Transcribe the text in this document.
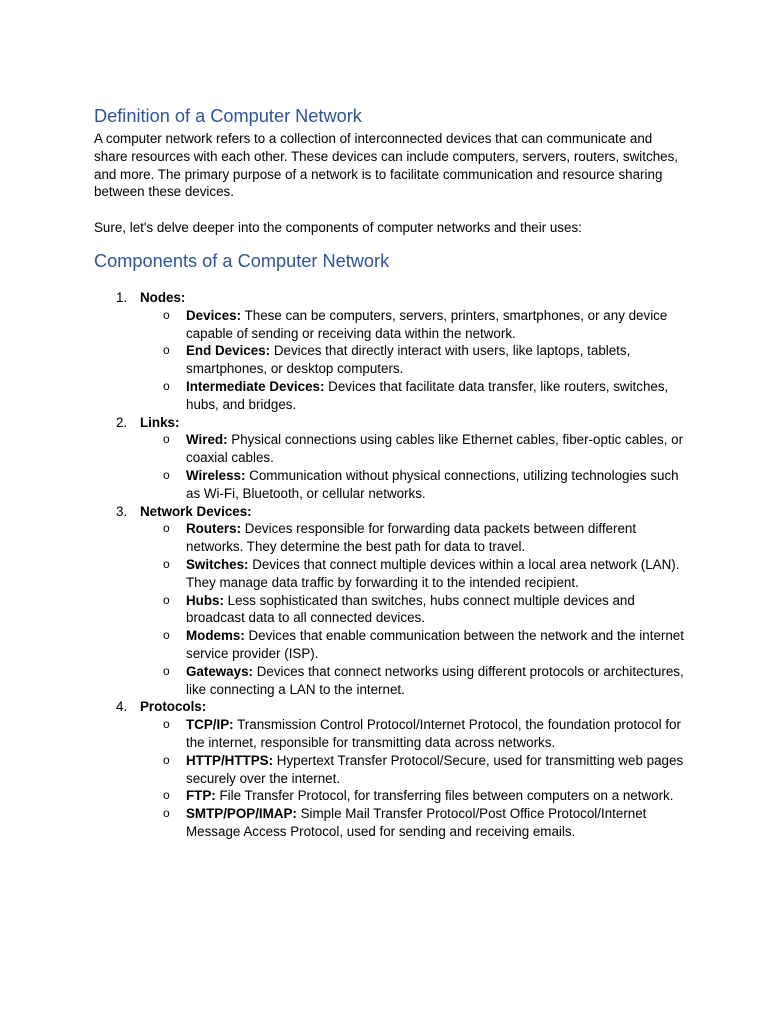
Definition of a Computer Network

A computer network refers to a collection of interconnected devices that can communicate and share resources with each other. These devices can include computers, servers, routers, switches, and more. The primary purpose of a network is to facilitate communication and resource sharing between these devices.

Sure, let's delve deeper into the components of computer networks and their uses:

Components of a Computer Network
1. Nodes:
o Devices: These can be computers, servers, printers, smartphones, or any device capable of sending or receiving data within the network.
o End Devices: Devices that directly interact with users, like laptops, tablets, smartphones, or desktop computers.
o Intermediate Devices: Devices that facilitate data transfer, like routers, switches, hubs, and bridges.
2. Links:
o Wired: Physical connections using cables like Ethernet cables, fiber-optic cables, or coaxial cables.
o Wireless: Communication without physical connections, utilizing technologies such as Wi-Fi, Bluetooth, or cellular networks.
3. Network Devices:
o Routers: Devices responsible for forwarding data packets between different networks. They determine the best path for data to travel.
o Switches: Devices that connect multiple devices within a local area network (LAN). They manage data traffic by forwarding it to the intended recipient.
o Hubs: Less sophisticated than switches, hubs connect multiple devices and broadcast data to all connected devices.
o Modems: Devices that enable communication between the network and the internet service provider (ISP).
o Gateways: Devices that connect networks using different protocols or architectures, like connecting a LAN to the internet.
4. Protocols:
o TCP/IP: Transmission Control Protocol/Internet Protocol, the foundation protocol for the internet, responsible for transmitting data across networks.
o HTTP/HTTPS: Hypertext Transfer Protocol/Secure, used for transmitting web pages securely over the internet.
o FTP: File Transfer Protocol, for transferring files between computers on a network.
o SMTP/POP/IMAP: Simple Mail Transfer Protocol/Post Office Protocol/Internet Message Access Protocol, used for sending and receiving emails.
